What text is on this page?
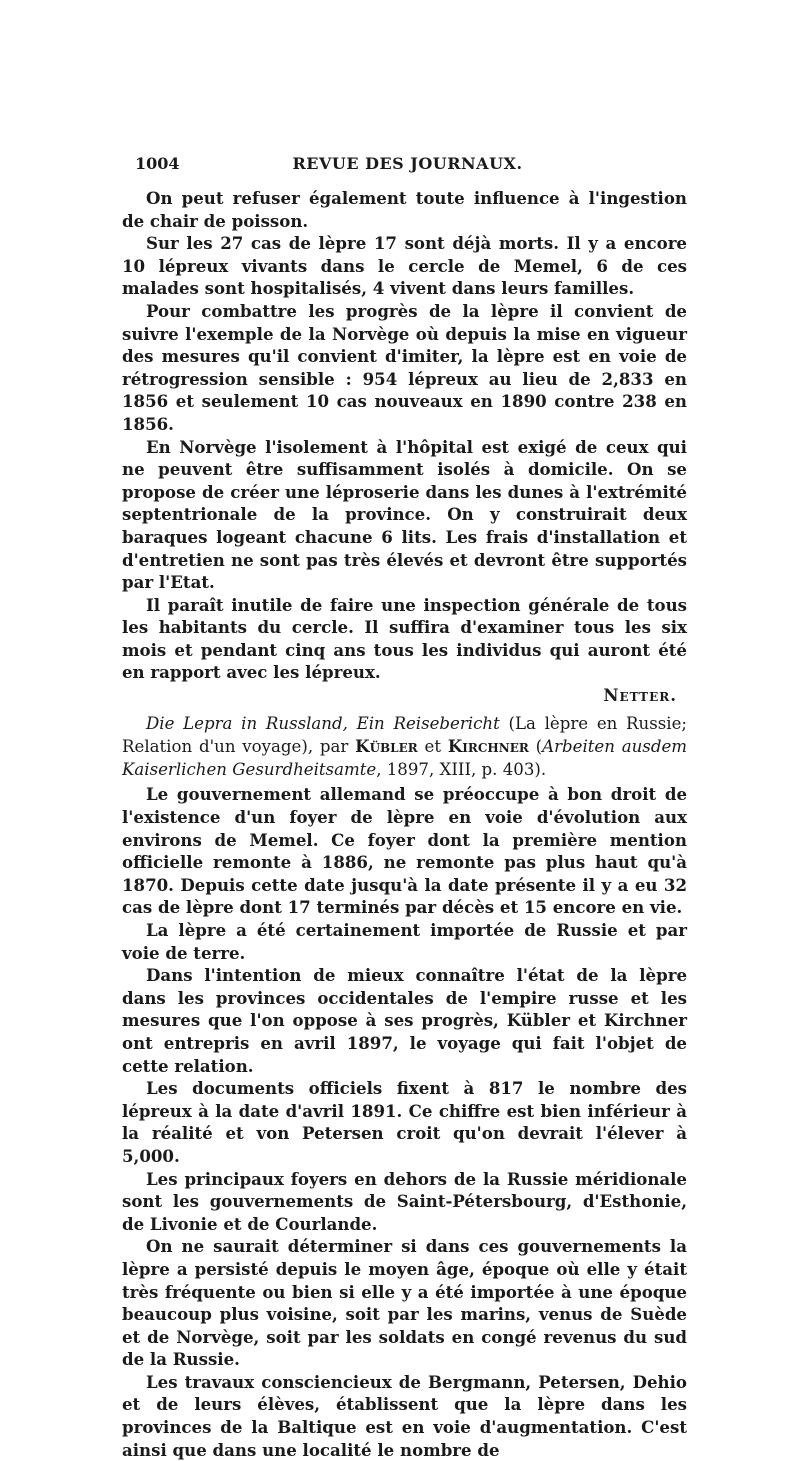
1004	REVUE DES JOURNAUX.

On peut refuser également toute influence à l'ingestion de chair de poisson.

Sur les 27 cas de lèpre 17 sont déjà morts. Il y a encore 10 lépreux vivants dans le cercle de Memel, 6 de ces malades sont hospitalisés, 4 vivent dans leurs familles.

Pour combattre les progrès de la lèpre il convient de suivre l'exemple de la Norvège où depuis la mise en vigueur des mesures qu'il convient d'imiter, la lèpre est en voie de rétrogression sensible : 954 lépreux au lieu de 2,833 en 1856 et seulement 10 cas nouveaux en 1890 contre 238 en 1856.

En Norvège l'isolement à l'hôpital est exigé de ceux qui ne peuvent être suffisamment isolés à domicile. On se propose de créer une léproserie dans les dunes à l'extrémité septentrionale de la province. On y construirait deux baraques logeant chacune 6 lits. Les frais d'installation et d'entretien ne sont pas très élevés et devront être supportés par l'Etat.

Il paraît inutile de faire une inspection générale de tous les habitants du cercle. Il suffira d'examiner tous les six mois et pendant cinq ans tous les individus qui auront été en rapport avec les lépreux.

Netter.

Die Lepra in Russland, Ein Reisebericht (La lèpre en Russie; Relation d'un voyage), par Kübler et Kirchner (Arbeiten ausdem Kaiserlichen Gesurdheitsamte, 1897, XIII, p. 403).

Le gouvernement allemand se préoccupe à bon droit de l'existence d'un foyer de lèpre en voie d'évolution aux environs de Memel. Ce foyer dont la première mention officielle remonte à 1886, ne remonte pas plus haut qu'à 1870. Depuis cette date jusqu'à la date présente il y a eu 32 cas de lèpre dont 17 terminés par décès et 15 encore en vie.

La lèpre a été certainement importée de Russie et par voie de terre.

Dans l'intention de mieux connaître l'état de la lèpre dans les provinces occidentales de l'empire russe et les mesures que l'on oppose à ses progrès, Kübler et Kirchner ont entrepris en avril 1897, le voyage qui fait l'objet de cette relation.

Les documents officiels fixent à 817 le nombre des lépreux à la date d'avril 1891. Ce chiffre est bien inférieur à la réalité et von Petersen croit qu'on devrait l'élever à 5,000.

Les principaux foyers en dehors de la Russie méridionale sont les gouvernements de Saint-Pétersbourg, d'Esthonie, de Livonie et de Courlande.

On ne saurait déterminer si dans ces gouvernements la lèpre a persisté depuis le moyen âge, époque où elle y était très fréquente ou bien si elle y a été importée à une époque beaucoup plus voisine, soit par les marins, venus de Suède et de Norvège, soit par les soldats en congé revenus du sud de la Russie.

Les travaux consciencieux de Bergmann, Petersen, Dehio et de leurs élèves, établissent que la lèpre dans les provinces de la Baltique est en voie d'augmentation. C'est ainsi que dans une localité le nombre de
